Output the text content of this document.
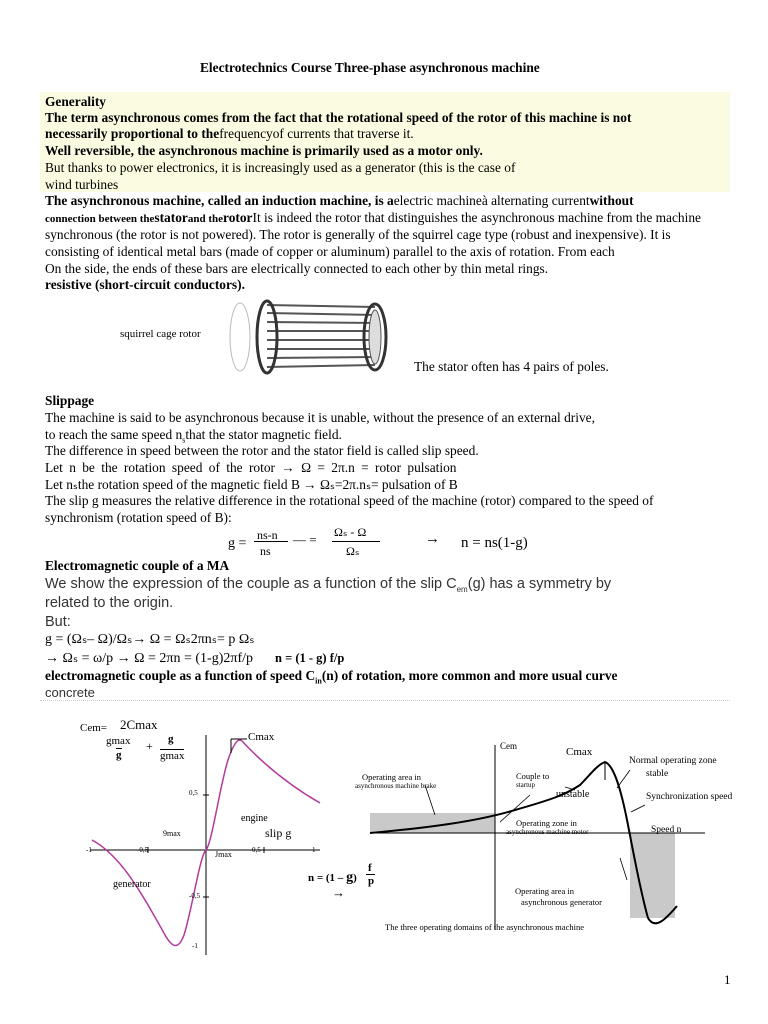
Electrotechnics Course Three-phase asynchronous machine
Generality
The term asynchronous comes from the fact that the rotational speed of the rotor of this machine is not
necessarily proportional to thefrequencyof currents that traverse it.
Well reversible, the asynchronous machine is primarily used as a motor only.
But thanks to power electronics, it is increasingly used as a generator (this is the case of
wind turbines
The asynchronous machine, called an induction machine, is aelectric machineà alternating currentwithout
connection between thestatorand therotorIt is indeed the rotor that distinguishes the asynchronous machine from the machine
synchronous (the rotor is not powered). The rotor is generally of the squirrel cage type (robust and inexpensive). It is
consisting of identical metal bars (made of copper or aluminum) parallel to the axis of rotation. From each
On the side, the ends of these bars are electrically connected to each other by thin metal rings.
resistive (short-circuit conductors).
squirrel cage rotor
The stator often has 4 pairs of poles.
Slippage
The machine is said to be asynchronous because it is unable, without the presence of an external drive,
to reach the same speed $n_sthat$ the stator magnetic field.
The difference in speed between the rotor and the stator field is called slip speed.
Let n be the rotation speed of the rotor → Ω = 2π.n = rotor pulsation
Let nₛthe rotation speed of the magnetic field B → Ωₛ=2π.nₛ= pulsation of B
The slip g measures the relative difference in the rotational speed of the machine (rotor) compared to the speed of
synchronism (rotation speed of B):
g =
ns-n
ns
— = Ωₛ - Ω
Ωₛ
→ n = ns(1-g)
Electromagnetic couple of a MA
We show the expression of the couple as a function of the slip $C_{em}(g)$ has a symmetry by
related to the origin.
But:
g = (Ωₛ– Ω)/Ωₛ→ Ω = Ωₛ2πnₛ= p Ωₛ
→ Ωₛ = ω/p → Ω = 2πn = (1-g)2πf/p n = (1 - g) f/p
electromagnetic couple as a function of speed $C_{in}(n)$ of rotation, more common and more usual curve
concrete
Cem= 2Cmax
gmax
g
+ g
gmax
Cmax
0,5
-1	-0,5	0,5	1
-0,5
-1
9max
Jmax
engine
slip g
generator
n = (1 – g)
f
p
→
Cem	Cmax
Normal operating zone
stable
Synchronization speed
Speed n
Operating area in
asynchronous machine brake
Couple to
startup
unstable
Operating zone in
asynchronous machine motor
Operating area in
asynchronous generator
The three operating domains of the asynchronous machine
1
